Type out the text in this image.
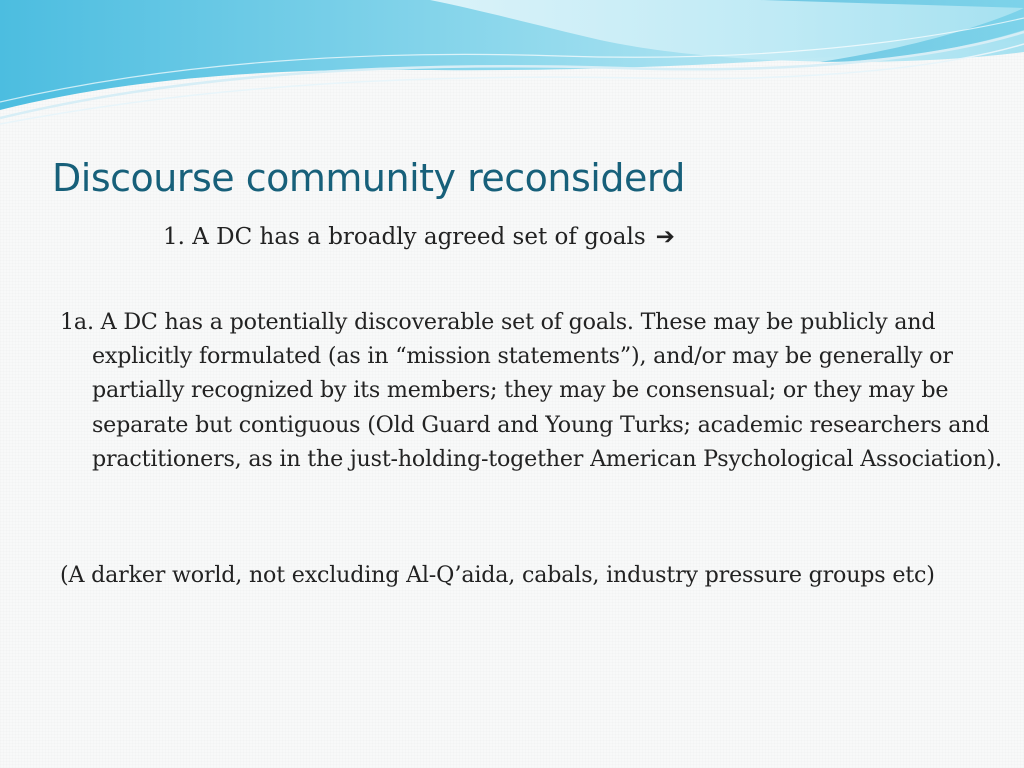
Discourse community reconsiderd
1. A DC has a broadly agreed set of goals ➔

1a. A DC has a potentially discoverable set of goals. These may be publicly and explicitly formulated (as in “mission statements”), and/or may be generally or partially recognized by its members; they may be consensual; or they may be separate but contiguous (Old Guard and Young Turks; academic researchers and practitioners, as in the just-holding-together American Psychological Association).

(A darker world, not excluding Al-Q’aida, cabals, industry pressure groups etc)
